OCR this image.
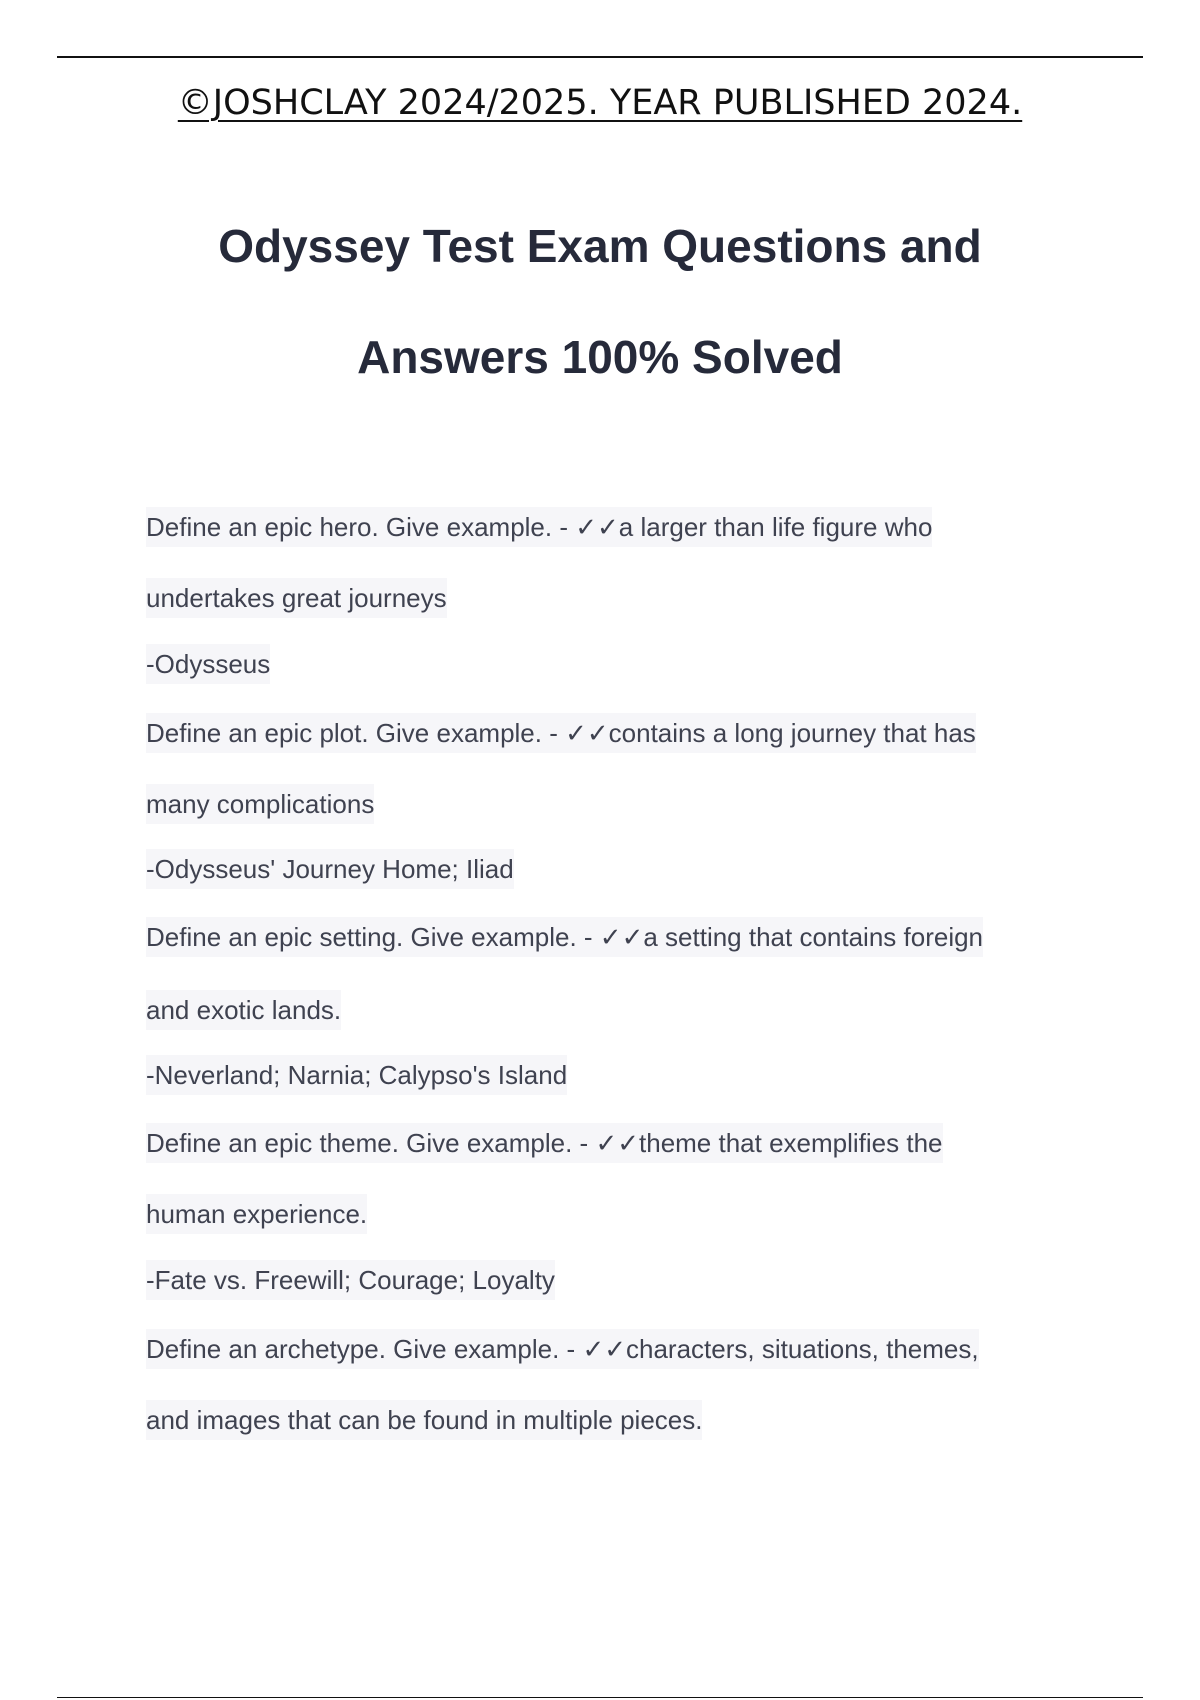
©JOSHCLAY 2024/2025. YEAR PUBLISHED 2024.
Odyssey Test Exam Questions and
Answers 100% Solved
Define an epic hero. Give example. - ✓✓a larger than life figure who
undertakes great journeys
-Odysseus
Define an epic plot. Give example. - ✓✓contains a long journey that has
many complications
-Odysseus' Journey Home; Iliad
Define an epic setting. Give example. - ✓✓a setting that contains foreign
and exotic lands.
-Neverland; Narnia; Calypso's Island
Define an epic theme. Give example. - ✓✓theme that exemplifies the
human experience.
-Fate vs. Freewill; Courage; Loyalty
Define an archetype. Give example. - ✓✓characters, situations, themes,
and images that can be found in multiple pieces.
